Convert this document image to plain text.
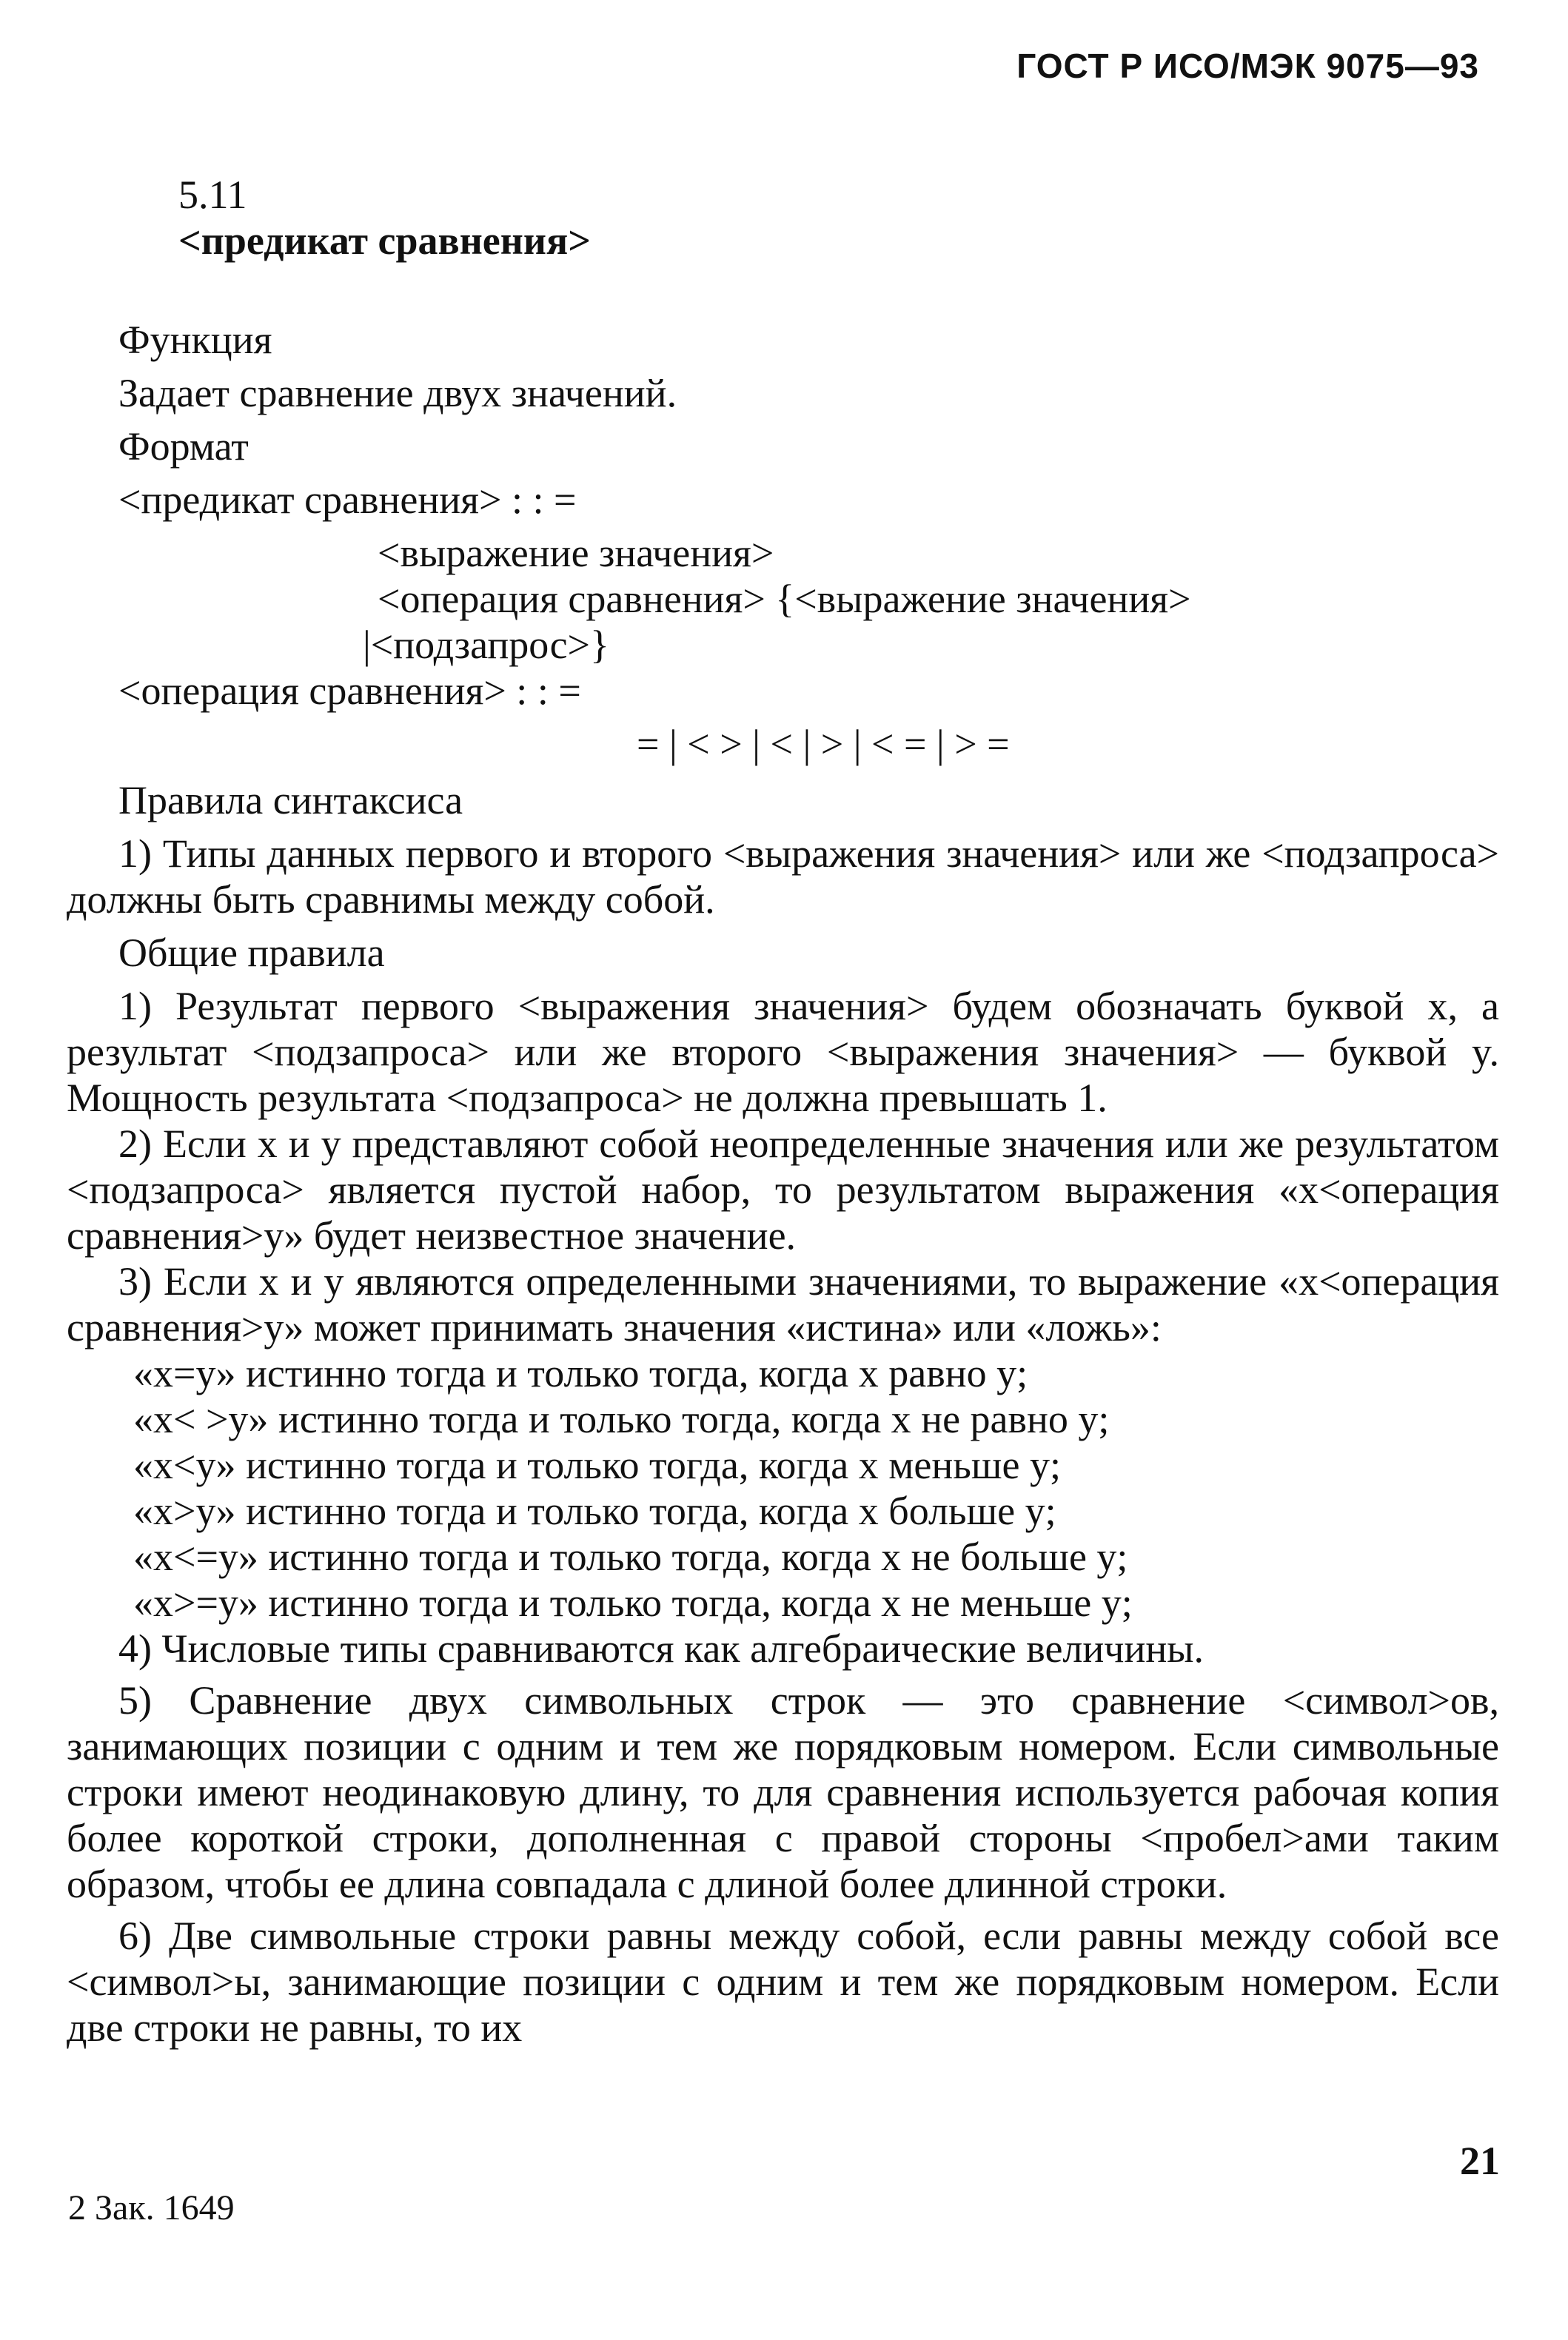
ГОСТ Р ИСО/МЭК 9075—93

5.11
<предикат сравнения>

Функция

Задает сравнение двух значений.

Формат

<предикат сравнения> : : =

<выражение значения>

<операция сравнения> {<выражение значения>

|<подзапрос>}

<операция сравнения> : : =

= | < > | < | > | < = | > =

Правила синтаксиса

1) Типы данных первого и второго <выражения значения> или же <подзапроса> должны быть сравнимы между собой.

Общие правила

1) Результат первого <выражения значения> будем обозначать буквой x, а результат <подзапроса> или же второго <выражения значения> — буквой y. Мощность результата <подзапроса> не должна превышать 1.

2) Если x и y представляют собой неопределенные значения или же результатом <подзапроса> является пустой набор, то результатом выражения «x<операция сравнения>y» будет неизвестное значение.

3) Если x и y являются определенными значениями, то выражение «x<операция сравнения>y» может принимать значения «истина» или «ложь»:

«x=y» истинно тогда и только тогда, когда x равно y;

«x< >y» истинно тогда и только тогда, когда x не равно y;

«x<y» истинно тогда и только тогда, когда x меньше y;

«x>y» истинно тогда и только тогда, когда x больше y;

«x<=y» истинно тогда и только тогда, когда x не больше y;

«x>=y» истинно тогда и только тогда, когда x не меньше y;

4) Числовые типы сравниваются как алгебраические величины.

5) Сравнение двух символьных строк — это сравнение <символ>ов, занимающих позиции с одним и тем же порядковым номером. Если символьные строки имеют неодинаковую длину, то для сравнения используется рабочая копия более короткой строки, дополненная с правой стороны <пробел>ами таким образом, чтобы ее длина совпадала с длиной более длинной строки.

6) Две символьные строки равны между собой, если равны между собой все <символ>ы, занимающие позиции с одним и тем же порядковым номером. Если две строки не равны, то их

21
2 Зак. 1649
